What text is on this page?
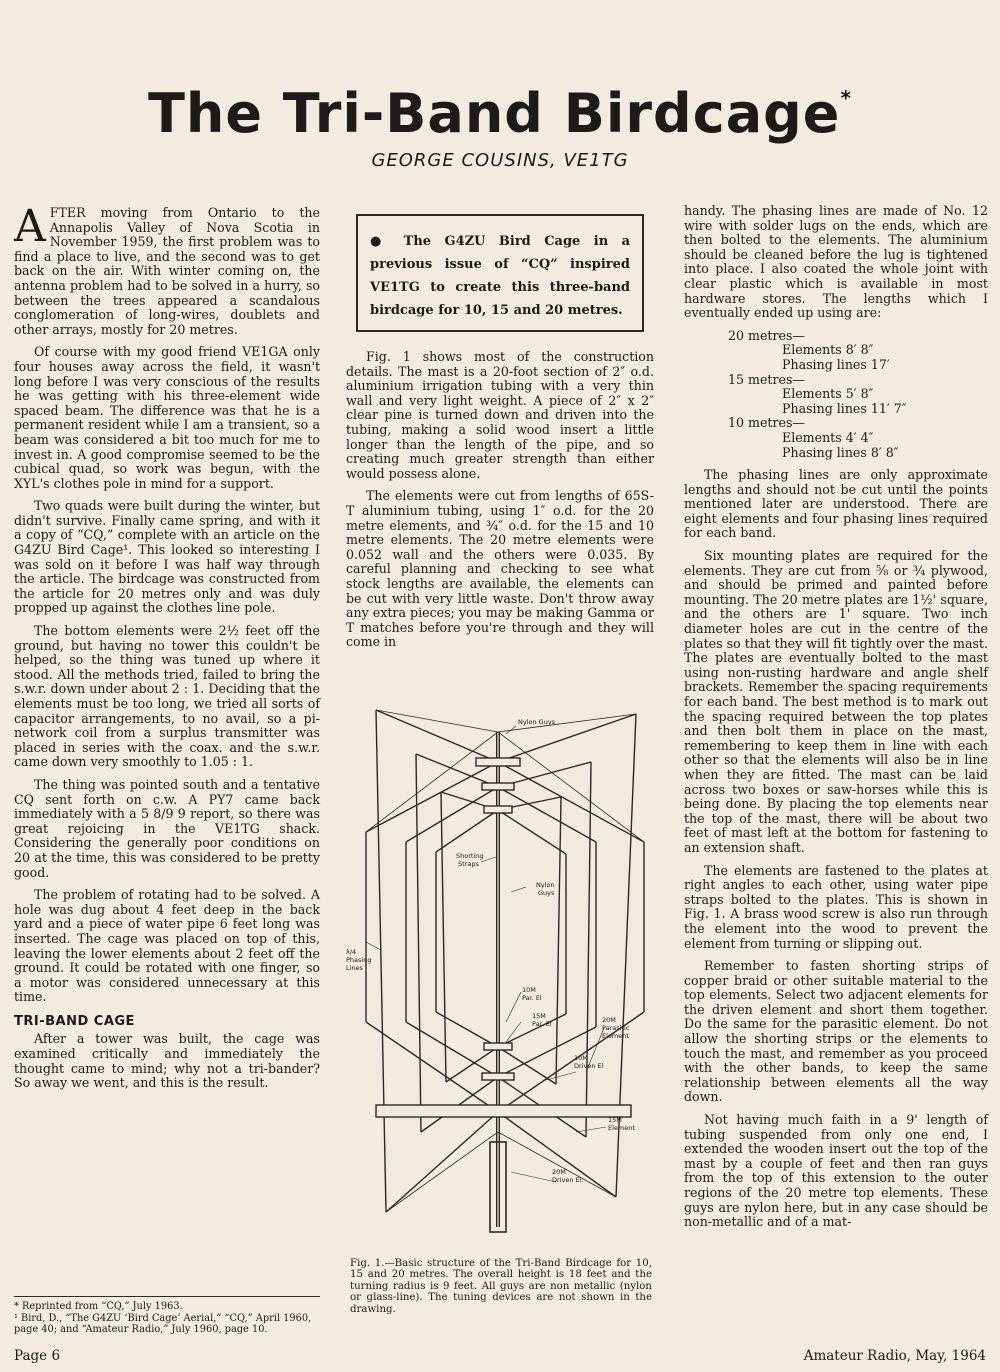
The Tri-Band Birdcage*
GEORGE COUSINS, VE1TG

AFTER moving from Ontario to the Annapolis Valley of Nova Scotia in November 1959, the first problem was to find a place to live, and the second was to get back on the air. With winter coming on, the antenna problem had to be solved in a hurry, so between the trees appeared a scandalous conglomeration of long-wires, doublets and other arrays, mostly for 20 metres.

Of course with my good friend VE1GA only four houses away across the field, it wasn't long before I was very conscious of the results he was getting with his three-element wide spaced beam. The difference was that he is a permanent resident while I am a transient, so a beam was considered a bit too much for me to invest in. A good compromise seemed to be the cubical quad, so work was begun, with the XYL's clothes pole in mind for a support.

Two quads were built during the winter, but didn't survive. Finally came spring, and with it a copy of “CQ,” complete with an article on the G4ZU Bird Cage¹. This looked so interesting I was sold on it before I was half way through the article. The birdcage was constructed from the article for 20 metres only and was duly propped up against the clothes line pole.

The bottom elements were 2½ feet off the ground, but having no tower this couldn't be helped, so the thing was tuned up where it stood. All the methods tried, failed to bring the s.w.r. down under about 2 : 1. Deciding that the elements must be too long, we tried all sorts of capacitor arrangements, to no avail, so a pi-network coil from a surplus transmitter was placed in series with the coax. and the s.w.r. came down very smoothly to 1.05 : 1.

The thing was pointed south and a tentative CQ sent forth on c.w. A PY7 came back immediately with a 5 8/9 9 report, so there was great rejoicing in the VE1TG shack. Considering the generally poor conditions on 20 at the time, this was considered to be pretty good.

The problem of rotating had to be solved. A hole was dug about 4 feet deep in the back yard and a piece of water pipe 6 feet long was inserted. The cage was placed on top of this, leaving the lower elements about 2 feet off the ground. It could be rotated with one finger, so a motor was considered unnecessary at this time.

TRI-BAND CAGE

After a tower was built, the cage was examined critically and immediately the thought came to mind; why not a tri-bander? So away we went, and this is the result.

● The G4ZU Bird Cage in a previous issue of “CQ” inspired VE1TG to create this three-band birdcage for 10, 15 and 20 metres.

Fig. 1 shows most of the construction details. The mast is a 20-foot section of 2″ o.d. aluminium irrigation tubing with a very thin wall and very light weight. A piece of 2″ x 2″ clear pine is turned down and driven into the tubing, making a solid wood insert a little longer than the length of the pipe, and so creating much greater strength than either would possess alone.

The elements were cut from lengths of 65S-T aluminium tubing, using 1″ o.d. for the 20 metre elements, and ¾″ o.d. for the 15 and 10 metre elements. The 20 metre elements were 0.052 wall and the others were 0.035. By careful planning and checking to see what stock lengths are available, the elements can be cut with very little waste. Don't throw away any extra pieces; you may be making Gamma or T matches before you're through and they will come in

Nylon Guys
Shorting
Straps
Nylon
Guys
λ/4
Phasing
Lines
10M
Par. El
15M
Par. El	20M
Parasitic
Element
10M
Driven El
15M
Element
20M
Driven El.
Fig. 1.—Basic structure of the Tri-Band Birdcage for 10, 15 and 20 metres. The overall height is 18 feet and the turning radius is 9 feet. All guys are non metallic (nylon or glass-line). The tuning devices are not shown in the drawing.

handy. The phasing lines are made of No. 12 wire with solder lugs on the ends, which are then bolted to the elements. The aluminium should be cleaned before the lug is tightened into place. I also coated the whole joint with clear plastic which is available in most hardware stores. The lengths which I eventually ended up using are:

20 metres—
Elements 8′ 8″
Phasing lines 17′
15 metres—
Elements 5′ 8″
Phasing lines 11′ 7″
10 metres—
Elements 4′ 4″
Phasing lines 8′ 8″

The phasing lines are only approximate lengths and should not be cut until the points mentioned later are understood. There are eight elements and four phasing lines required for each band.

Six mounting plates are required for the elements. They are cut from ⅝ or ¾ plywood, and should be primed and painted before mounting. The 20 metre plates are 1½' square, and the others are 1' square. Two inch diameter holes are cut in the centre of the plates so that they will fit tightly over the mast. The plates are eventually bolted to the mast using non-rusting hardware and angle shelf brackets. Remember the spacing requirements for each band. The best method is to mark out the spacing required between the top plates and then bolt them in place on the mast, remembering to keep them in line with each other so that the elements will also be in line when they are fitted. The mast can be laid across two boxes or saw-horses while this is being done. By placing the top elements near the top of the mast, there will be about two feet of mast left at the bottom for fastening to an extension shaft.

The elements are fastened to the plates at right angles to each other, using water pipe straps bolted to the plates. This is shown in Fig. 1. A brass wood screw is also run through the element into the wood to prevent the element from turning or slipping out.

Remember to fasten shorting strips of copper braid or other suitable material to the top elements. Select two adjacent elements for the driven element and short them together. Do the same for the parasitic element. Do not allow the shorting strips or the elements to touch the mast, and remember as you proceed with the other bands, to keep the same relationship between elements all the way down.

Not having much faith in a 9' length of tubing suspended from only one end, I extended the wooden insert out the top of the mast by a couple of feet and then ran guys from the top of this extension to the outer regions of the 20 metre top elements. These guys are nylon here, but in any case should be non-metallic and of a mat-

* Reprinted from “CQ,” July 1963.
¹ Bird, D., “The G4ZU ‘Bird Cage’ Aerial,” “CQ,” April 1960, page 40; and “Amateur Radio,” July 1960, page 10.
Page 6	Amateur Radio, May, 1964
